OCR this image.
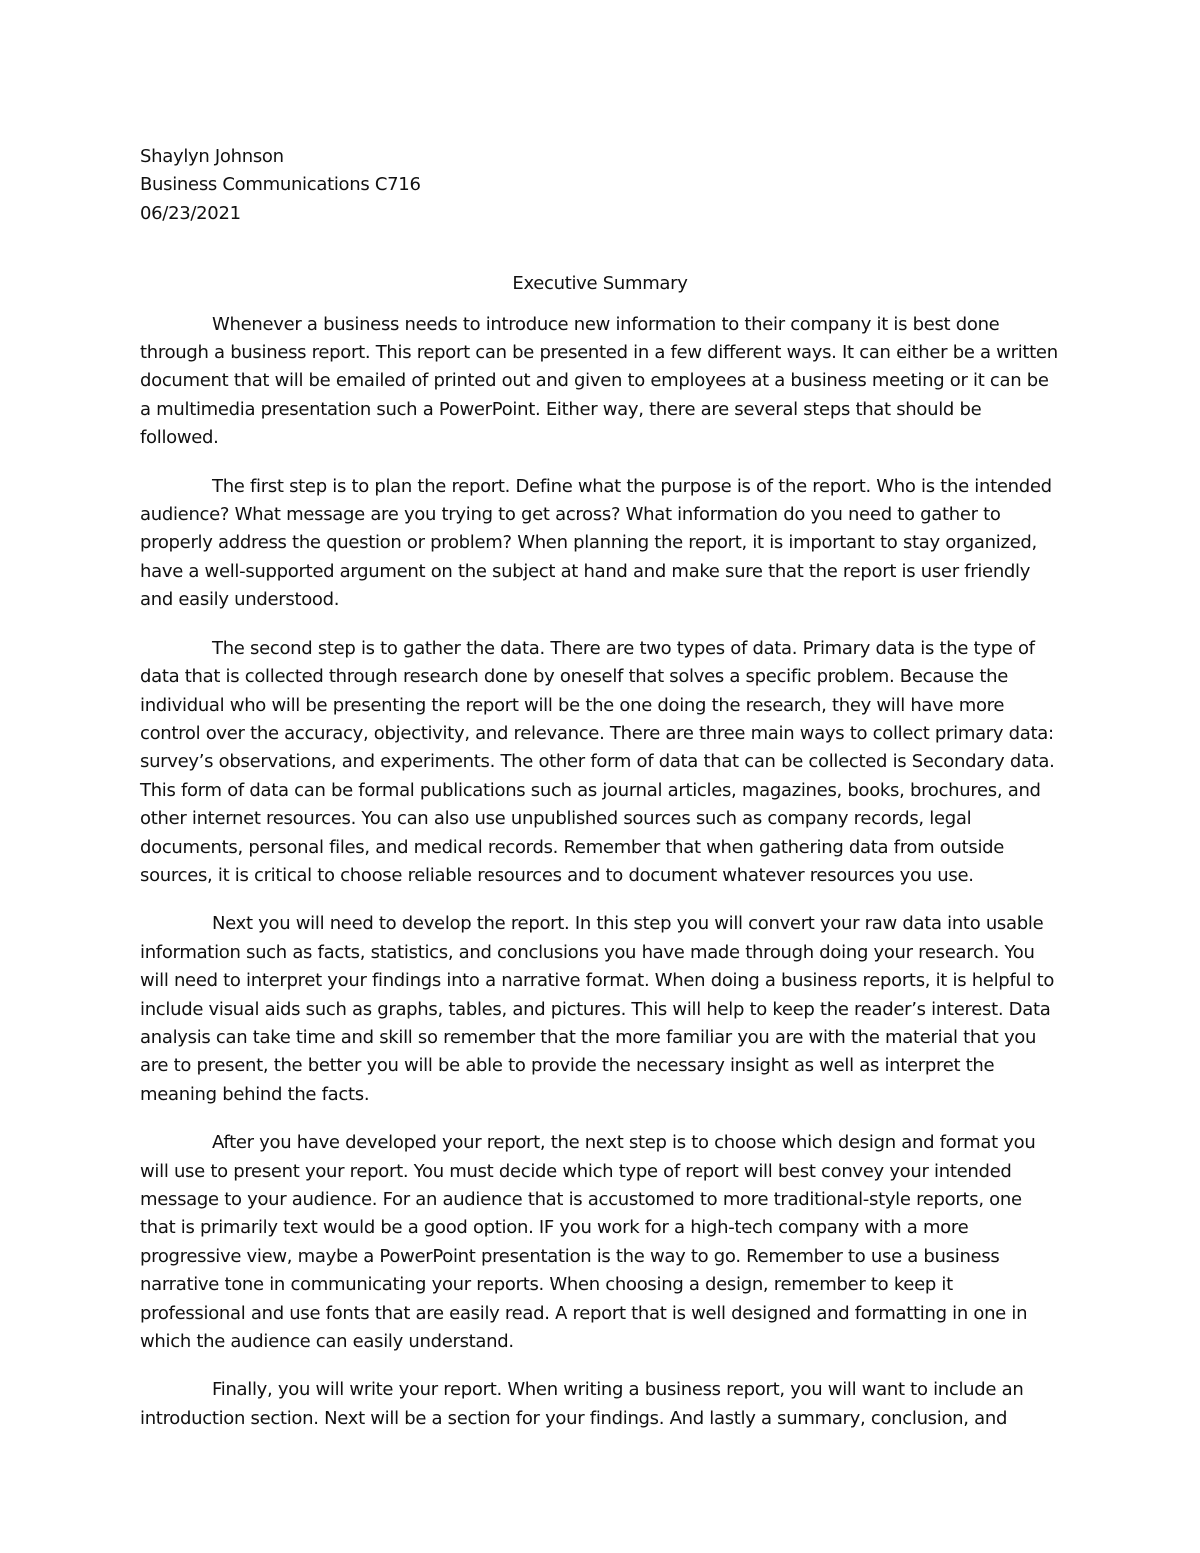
Shaylyn Johnson

Business Communications C716

06/23/2021

Executive Summary

Whenever a business needs to introduce new information to their company it is best done through a business report. This report can be presented in a few different ways. It can either be a written document that will be emailed of printed out and given to employees at a business meeting or it can be a multimedia presentation such a PowerPoint. Either way, there are several steps that should be followed.

The first step is to plan the report. Define what the purpose is of the report. Who is the intended audience? What message are you trying to get across? What information do you need to gather to properly address the question or problem? When planning the report, it is important to stay organized, have a well-supported argument on the subject at hand and make sure that the report is user friendly and easily understood.

The second step is to gather the data. There are two types of data. Primary data is the type of data that is collected through research done by oneself that solves a specific problem. Because the individual who will be presenting the report will be the one doing the research, they will have more control over the accuracy, objectivity, and relevance. There are three main ways to collect primary data: survey’s observations, and experiments. The other form of data that can be collected is Secondary data. This form of data can be formal publications such as journal articles, magazines, books, brochures, and other internet resources. You can also use unpublished sources such as company records, legal documents, personal files, and medical records. Remember that when gathering data from outside sources, it is critical to choose reliable resources and to document whatever resources you use.

Next you will need to develop the report. In this step you will convert your raw data into usable information such as facts, statistics, and conclusions you have made through doing your research. You will need to interpret your findings into a narrative format. When doing a business reports, it is helpful to include visual aids such as graphs, tables, and pictures. This will help to keep the reader’s interest. Data analysis can take time and skill so remember that the more familiar you are with the material that you are to present, the better you will be able to provide the necessary insight as well as interpret the meaning behind the facts.

After you have developed your report, the next step is to choose which design and format you will use to present your report. You must decide which type of report will best convey your intended message to your audience. For an audience that is accustomed to more traditional-style reports, one that is primarily text would be a good option. IF you work for a high-tech company with a more progressive view, maybe a PowerPoint presentation is the way to go. Remember to use a business narrative tone in communicating your reports. When choosing a design, remember to keep it professional and use fonts that are easily read. A report that is well designed and formatting in one in which the audience can easily understand.

Finally, you will write your report. When writing a business report, you will want to include an introduction section. Next will be a section for your findings. And lastly a summary, conclusion, and
